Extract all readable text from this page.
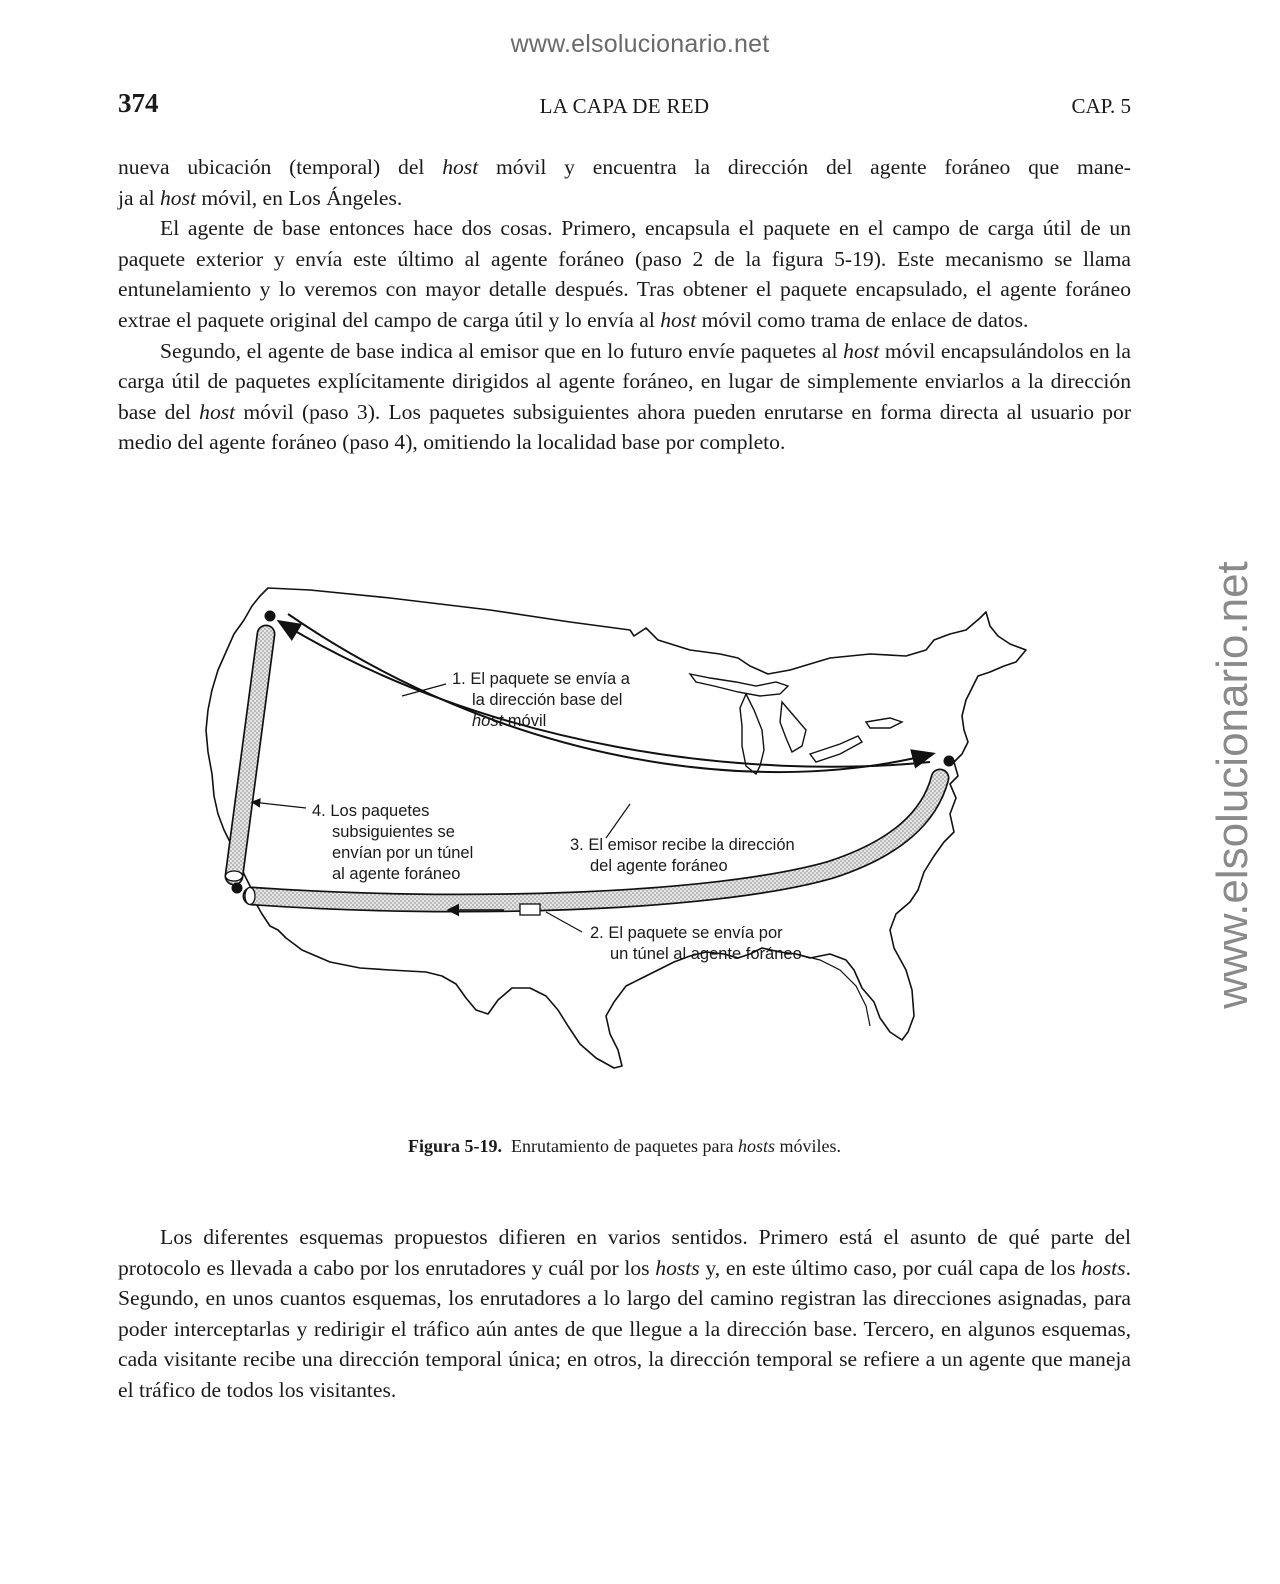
www.elsolucionario.net
www.elsolucionario.net
374	LA CAPA DE RED	CAP. 5

nueva ubicación (temporal) del host móvil y encuentra la dirección del agente foráneo que mane-

ja al host móvil, en Los Ángeles.

El agente de base entonces hace dos cosas. Primero, encapsula el paquete en el campo de carga útil de un paquete exterior y envía este último al agente foráneo (paso 2 de la figura 5-19). Este mecanismo se llama entunelamiento y lo veremos con mayor detalle después. Tras obtener el paquete encapsulado, el agente foráneo extrae el paquete original del campo de carga útil y lo envía al host móvil como trama de enlace de datos.

Segundo, el agente de base indica al emisor que en lo futuro envíe paquetes al host móvil encapsulándolos en la carga útil de paquetes explícitamente dirigidos al agente foráneo, en lugar de simplemente enviarlos a la dirección base del host móvil (paso 3). Los paquetes subsiguientes ahora pueden enrutarse en forma directa al usuario por medio del agente foráneo (paso 4), omitiendo la localidad base por completo.

1. El paquete se envía a la dirección base del host móvil
4. Los paquetes subsiguientes se envían por un túnel al agente foráneo
3. El emisor recibe la dirección del agente foráneo
2. El paquete se envía por un túnel al agente foráneo
Figura 5-19. Enrutamiento de paquetes para hosts móviles.

Los diferentes esquemas propuestos difieren en varios sentidos. Primero está el asunto de qué parte del protocolo es llevada a cabo por los enrutadores y cuál por los hosts y, en este último caso, por cuál capa de los hosts. Segundo, en unos cuantos esquemas, los enrutadores a lo largo del camino registran las direcciones asignadas, para poder interceptarlas y redirigir el tráfico aún antes de que llegue a la dirección base. Tercero, en algunos esquemas, cada visitante recibe una dirección temporal única; en otros, la dirección temporal se refiere a un agente que maneja el tráfico de todos los visitantes.
